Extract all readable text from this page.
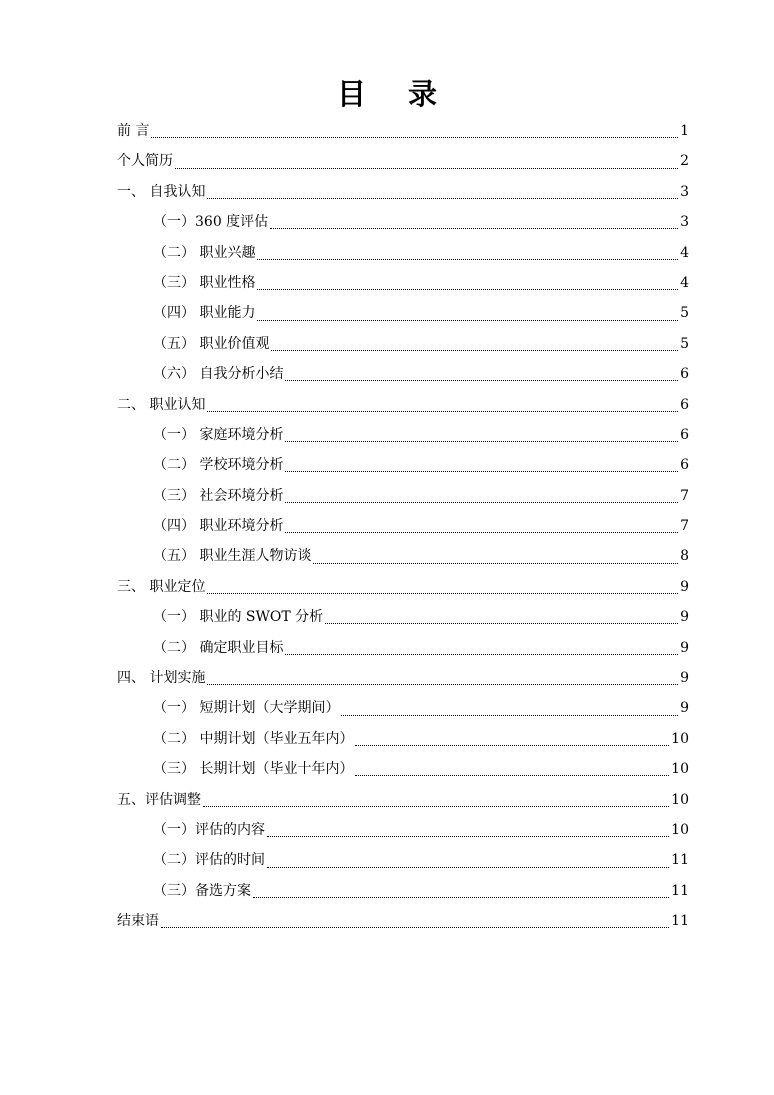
目 录
前 言	1
个人简历	2
一、 自我认知	3
（一）360 度评估	3
（二） 职业兴趣	4
（三） 职业性格	4
（四） 职业能力	5
（五） 职业价值观	5
（六） 自我分析小结	6
二、 职业认知	6
（一） 家庭环境分析	6
（二） 学校环境分析	6
（三） 社会环境分析	7
（四） 职业环境分析	7
（五） 职业生涯人物访谈	8
三、 职业定位	9
（一） 职业的 SWOT 分析	9
（二） 确定职业目标	9
四、 计划实施	9
（一） 短期计划（大学期间）	9
（二） 中期计划（毕业五年内）	10
（三） 长期计划（毕业十年内）	10
五、评估调整	10
（一）评估的内容	10
（二）评估的时间	11
（三）备选方案	11
结束语	11
